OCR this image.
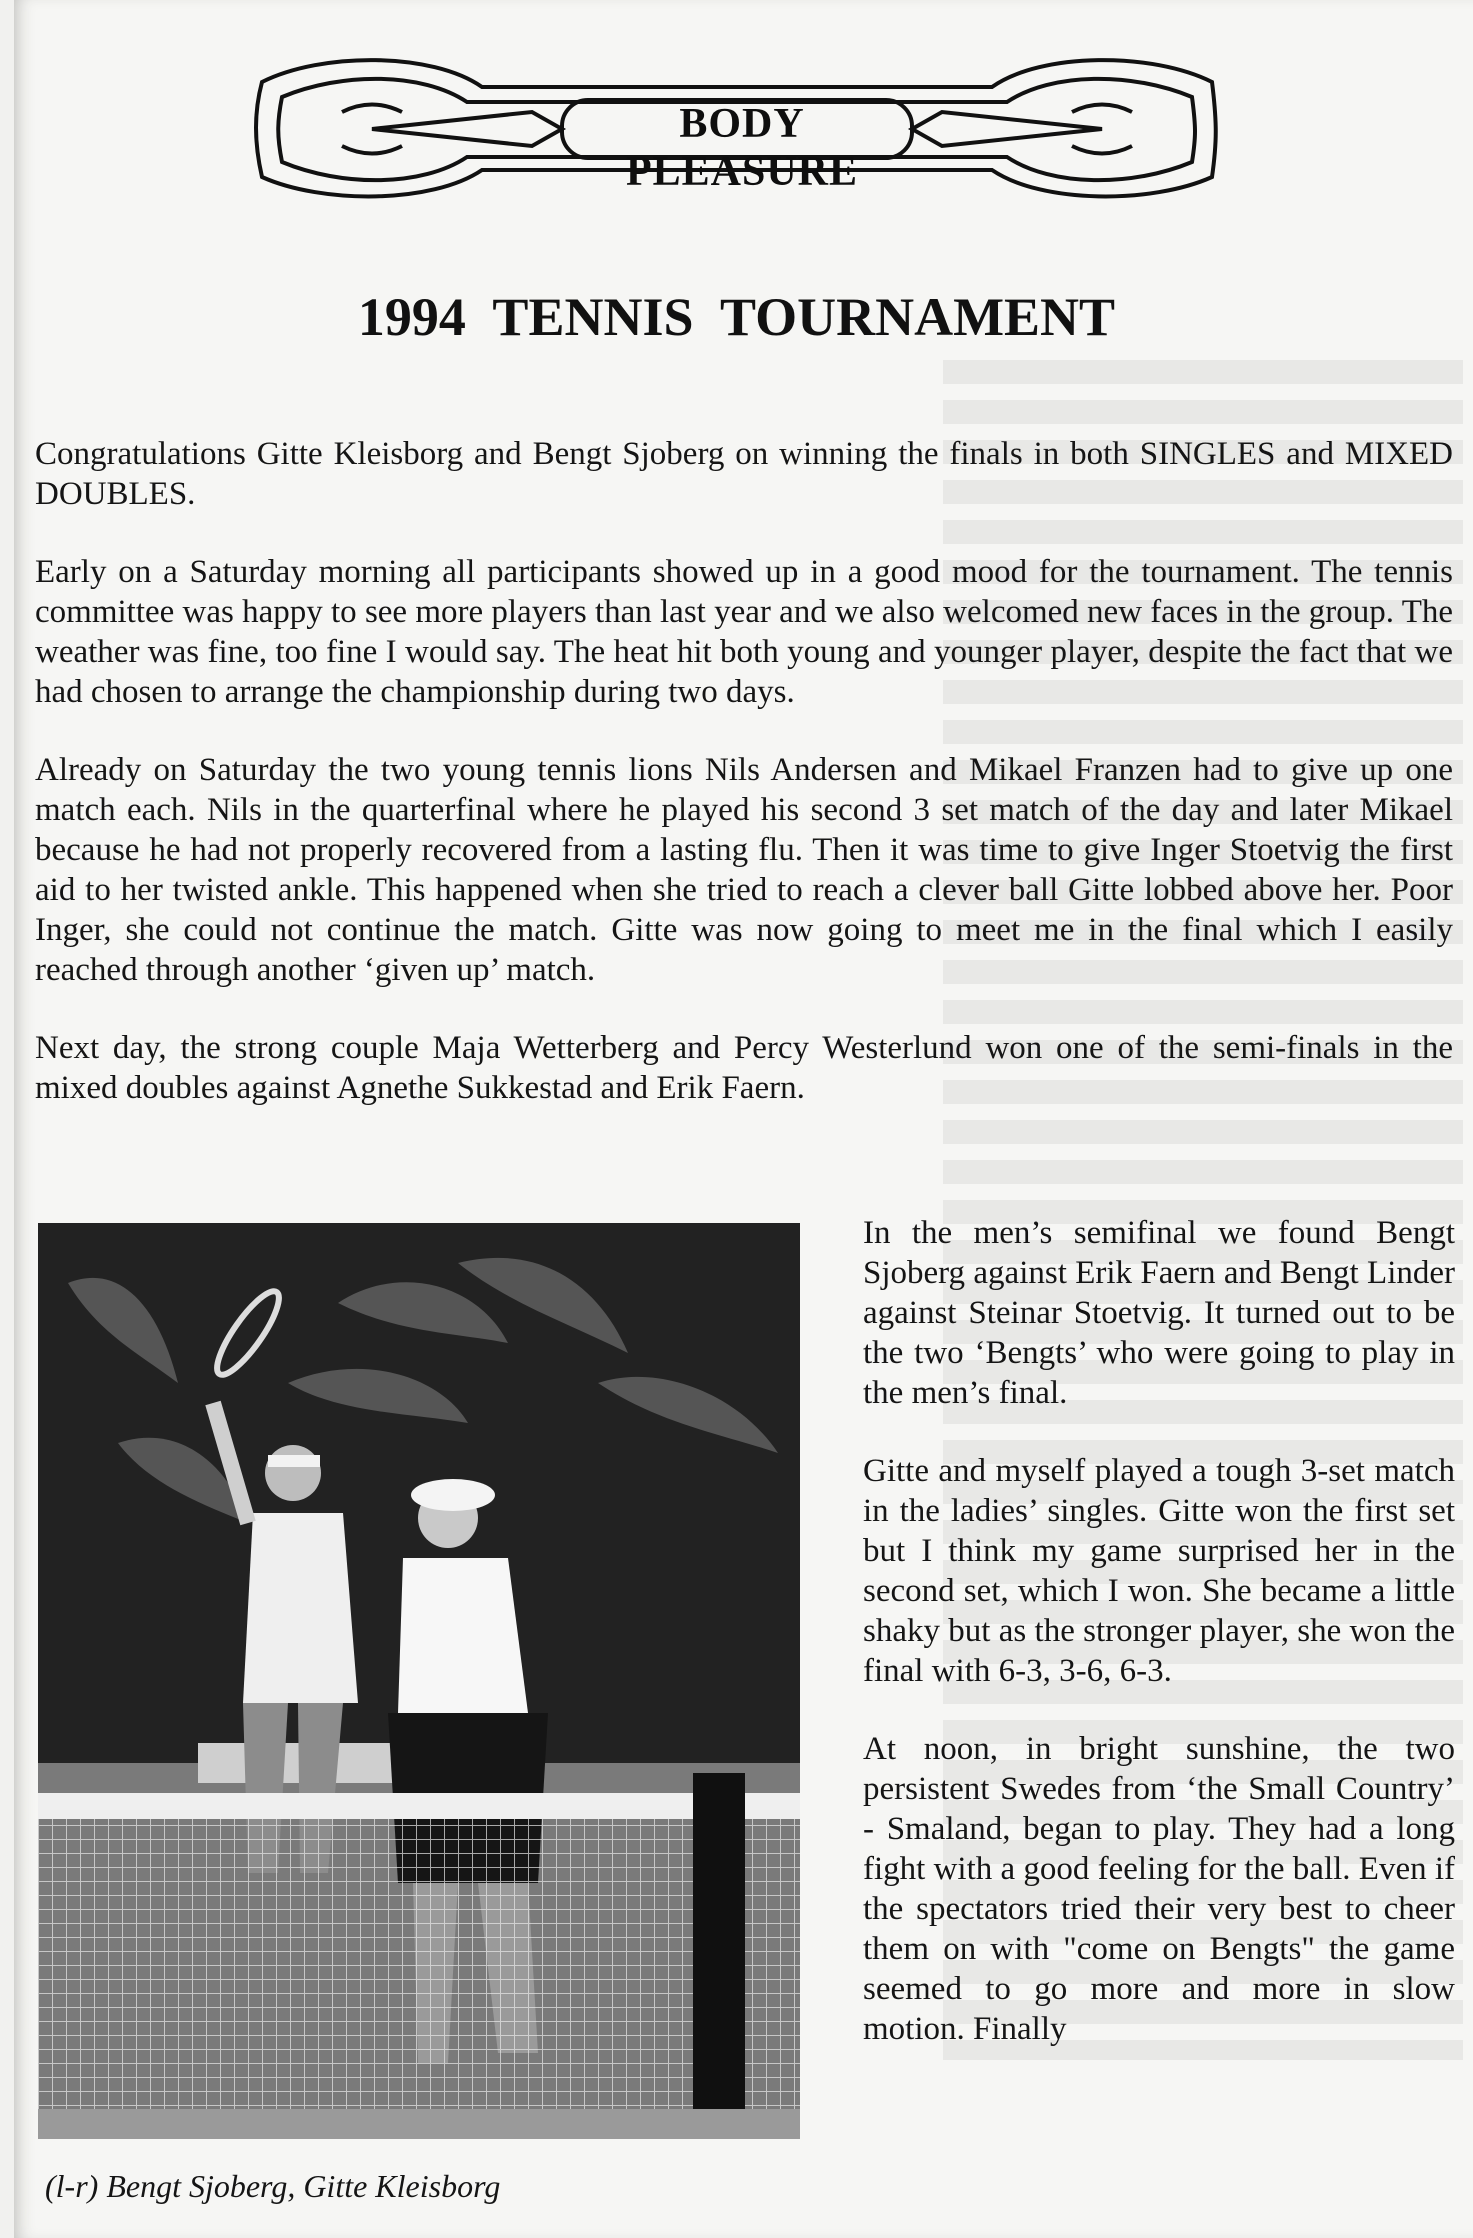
BODY PLEASURE
1994 TENNIS TOURNAMENT

Congratulations Gitte Kleisborg and Bengt Sjoberg on winning the finals in both SINGLES and MIXED DOUBLES.

Early on a Saturday morning all participants showed up in a good mood for the tournament. The tennis committee was happy to see more players than last year and we also welcomed new faces in the group. The weather was fine, too fine I would say. The heat hit both young and younger player, despite the fact that we had chosen to arrange the championship during two days.

Already on Saturday the two young tennis lions Nils Andersen and Mikael Franzen had to give up one match each. Nils in the quarterfinal where he played his second 3 set match of the day and later Mikael because he had not properly recovered from a lasting flu. Then it was time to give Inger Stoetvig the first aid to her twisted ankle. This happened when she tried to reach a clever ball Gitte lobbed above her. Poor Inger, she could not continue the match. Gitte was now going to meet me in the final which I easily reached through another ‘given up’ match.

Next day, the strong couple Maja Wetterberg and Percy Westerlund won one of the semi-finals in the mixed doubles against Agnethe Sukkestad and Erik Faern.

(l-r) Bengt Sjoberg, Gitte Kleisborg

In the men’s semifinal we found Bengt Sjoberg against Erik Faern and Bengt Linder against Steinar Stoetvig. It turned out to be the two ‘Bengts’ who were going to play in the men’s final.

Gitte and myself played a tough 3-set match in the ladies’ singles. Gitte won the first set but I think my game surprised her in the second set, which I won. She became a little shaky but as the stronger player, she won the final with 6-3, 3-6, 6-3.

At noon, in bright sunshine, the two persistent Swedes from ‘the Small Country’ - Smaland, began to play. They had a long fight with a good feeling for the ball. Even if the spectators tried their very best to cheer them on with "come on Bengts" the game seemed to go more and more in slow motion. Finally
